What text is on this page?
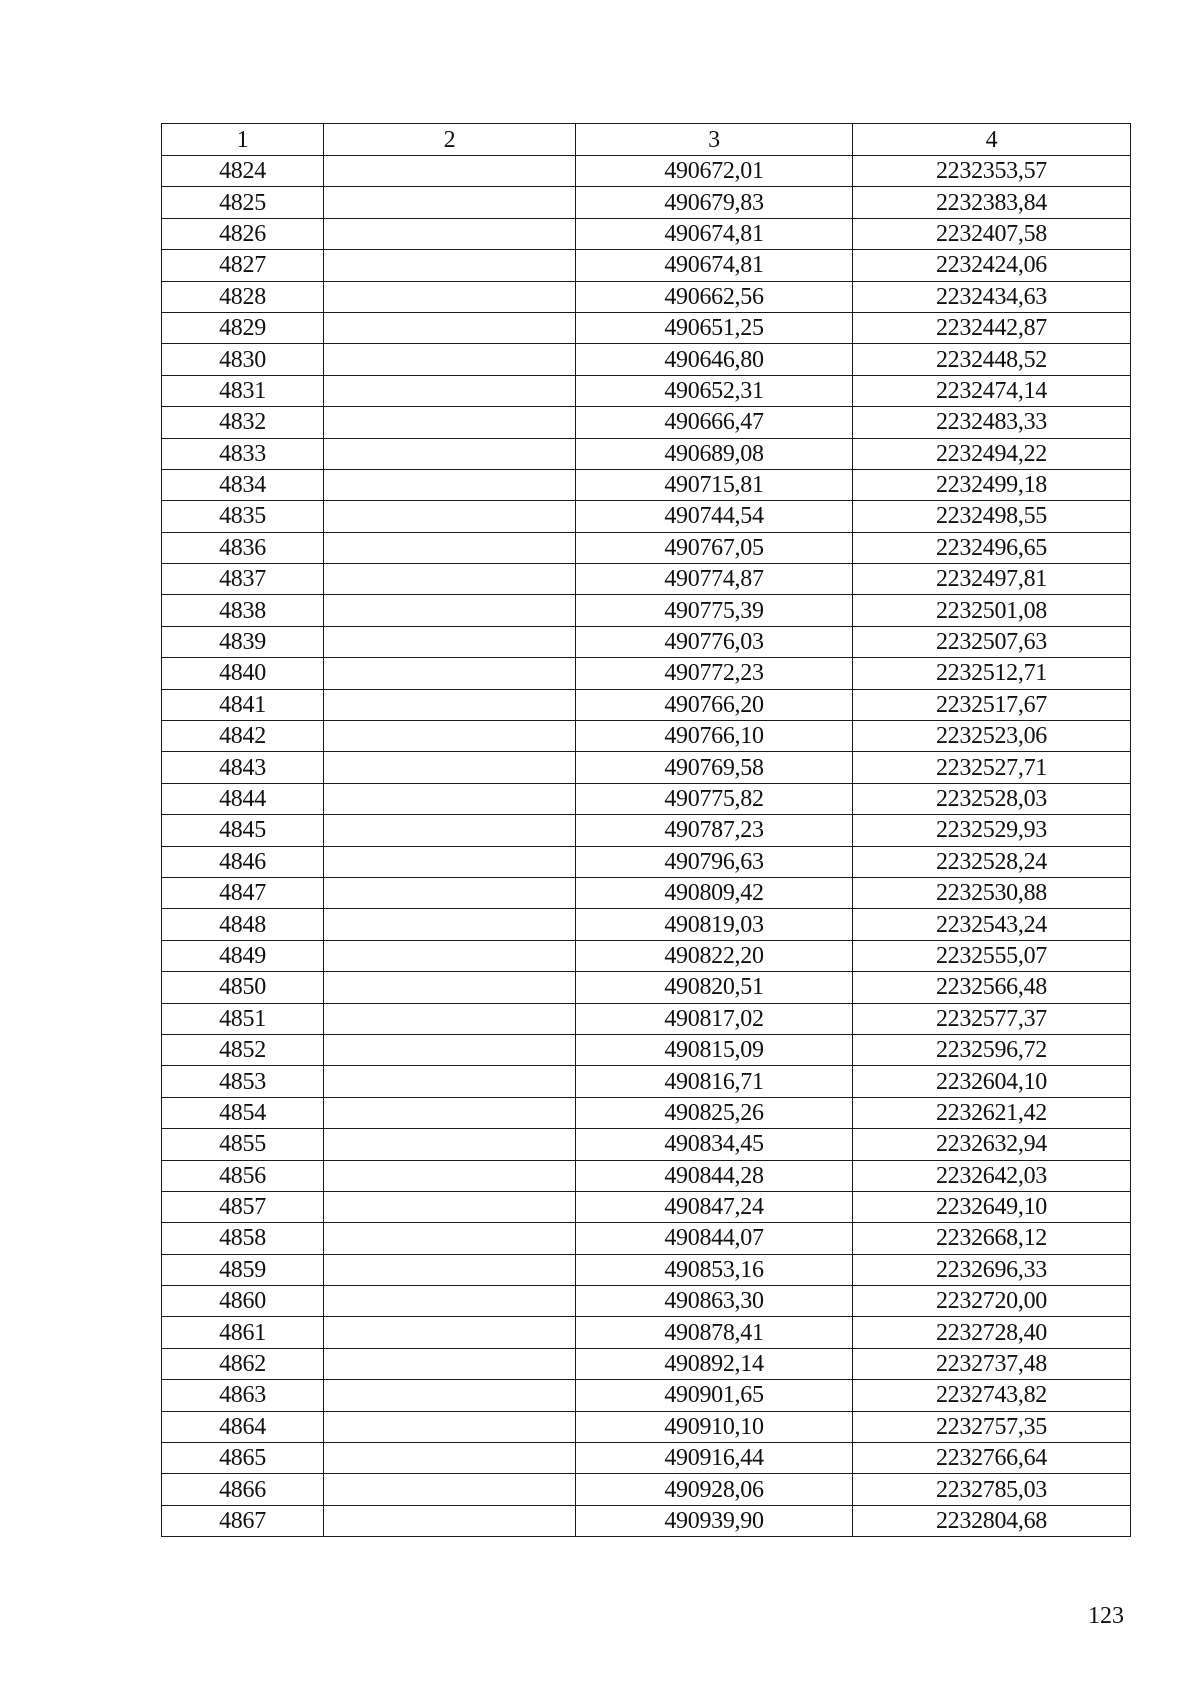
1	2	3	4
4824		490672,01	2232353,57
4825		490679,83	2232383,84
4826		490674,81	2232407,58
4827		490674,81	2232424,06
4828		490662,56	2232434,63
4829		490651,25	2232442,87
4830		490646,80	2232448,52
4831		490652,31	2232474,14
4832		490666,47	2232483,33
4833		490689,08	2232494,22
4834		490715,81	2232499,18
4835		490744,54	2232498,55
4836		490767,05	2232496,65
4837		490774,87	2232497,81
4838		490775,39	2232501,08
4839		490776,03	2232507,63
4840		490772,23	2232512,71
4841		490766,20	2232517,67
4842		490766,10	2232523,06
4843		490769,58	2232527,71
4844		490775,82	2232528,03
4845		490787,23	2232529,93
4846		490796,63	2232528,24
4847		490809,42	2232530,88
4848		490819,03	2232543,24
4849		490822,20	2232555,07
4850		490820,51	2232566,48
4851		490817,02	2232577,37
4852		490815,09	2232596,72
4853		490816,71	2232604,10
4854		490825,26	2232621,42
4855		490834,45	2232632,94
4856		490844,28	2232642,03
4857		490847,24	2232649,10
4858		490844,07	2232668,12
4859		490853,16	2232696,33
4860		490863,30	2232720,00
4861		490878,41	2232728,40
4862		490892,14	2232737,48
4863		490901,65	2232743,82
4864		490910,10	2232757,35
4865		490916,44	2232766,64
4866		490928,06	2232785,03
4867		490939,90	2232804,68
123
